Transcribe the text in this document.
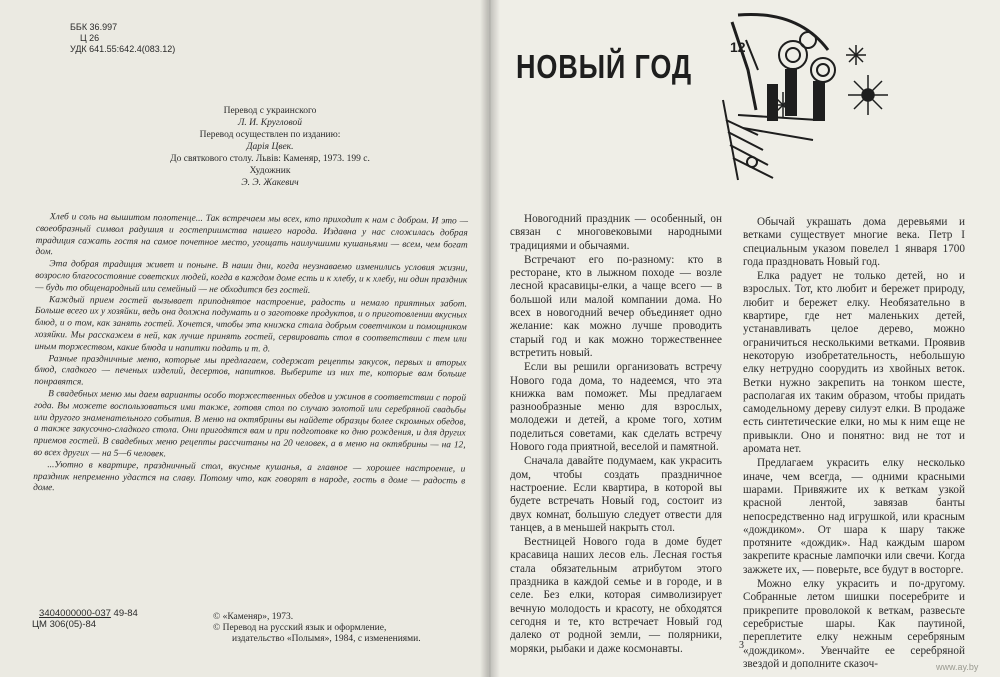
ББК 36.997
Ц 26
УДК 641.55:642.4(083.12)
Перевод с украинского
Л. И. Кругловой
Перевод осуществлен по изданию:
Дарія Цвек.
До святкового столу. Львів: Каменяр, 1973. 199 с.
Художник
Э. Э. Жакевич

Хлеб и соль на вышитом полотенце... Так встречаем мы всех, кто приходит к нам с добром. И это — своеобразный символ радушия и гостеприимства нашего народа. Издавна у нас сложилась добрая традиция сажать гостя на самое почетное место, угощать наилучшими кушаньями — всем, чем богат дом.

Эта добрая традиция живет и поныне. В наши дни, когда неузнаваемо изменились условия жизни, возросло благосостояние советских людей, когда в каждом доме есть и к хлебу, и к хлебу, ни один праздник — будь то общенародный или семейный — не обходится без гостей.

Каждый прием гостей вызывает приподнятое настроение, радость и немало приятных забот. Больше всего их у хозяйки, ведь она должна подумать и о заготовке продуктов, и о приготовлении вкусных блюд, и о том, как занять гостей. Хочется, чтобы эта книжка стала добрым советчиком и помощником хозяйки. Мы расскажем в ней, как лучше принять гостей, сервировать стол в соответствии с тем или иным торжеством, какие блюда и напитки подать и т. д.

Разные праздничные меню, которые мы предлагаем, содержат рецепты закусок, первых и вторых блюд, сладкого — печеных изделий, десертов, напитков. Выберите из них те, которые вам больше понравятся.

В свадебных меню мы даем варианты особо торжественных обедов и ужинов в соответствии с порой года. Вы можете воспользоваться ими также, готовя стол по случаю золотой или серебряной свадьбы или другого знаменательного события. В меню на октябрины вы найдете образцы более скромных обедов, а также закусочно-сладкого стола. Они пригодятся вам и при подготовке ко дню рождения, и для других приемов гостей. В свадебных меню рецепты рассчитаны на 20 человек, а в меню на октябрины — на 12, во всех других — на 5—6 человек.

...Уютно в квартире, праздничный стол, вкусные кушанья, а главное — хорошее настроение, и праздник непременно удастся на славу. Потому что, как говорят в народе, гость в доме — радость в доме.

3404000000-037 49-84
ЦМ 306(05)-84
© «Каменяр», 1973.
© Перевод на русский язык и оформление,
издательство «Полымя», 1984, с изменениями.
НОВЫЙ ГОД
12

Новогодний праздник — особенный, он связан с многовековыми народными традициями и обычаями.

Встречают его по-разному: кто в ресторане, кто в лыжном походе — возле лесной красавицы-елки, а чаще всего — в большой или малой компании дома. Но всех в новогодний вечер объединяет одно желание: как можно лучше проводить старый год и как можно торжественнее встретить новый.

Если вы решили организовать встречу Нового года дома, то надеемся, что эта книжка вам поможет. Мы предлагаем разнообразные меню для взрослых, молодежи и детей, а кроме того, хотим поделиться советами, как сделать встречу Нового года приятной, веселой и памятной.

Сначала давайте подумаем, как украсить дом, чтобы создать праздничное настроение. Если квартира, в которой вы будете встречать Новый год, состоит из двух комнат, большую следует отвести для танцев, а в меньшей накрыть стол.

Вестницей Нового года в доме будет красавица наших лесов ель. Лесная гостья стала обязательным атрибутом этого праздника в каждой семье и в городе, и в селе. Без елки, которая символизирует вечную молодость и красоту, не обходятся сегодня и те, кто встречает Новый год далеко от родной земли, — полярники, моряки, рыбаки и даже космонавты.

Обычай украшать дома деревьями и ветками существует многие века. Петр I специальным указом повелел 1 января 1700 года праздновать Новый год.

Елка радует не только детей, но и взрослых. Тот, кто любит и бережет природу, любит и бережет елку. Необязательно в квартире, где нет маленьких детей, устанавливать целое дерево, можно ограничиться несколькими ветками. Проявив некоторую изобретательность, небольшую елку нетрудно соорудить из хвойных веток. Ветки нужно закрепить на тонком шесте, располагая их таким образом, чтобы придать самодельному дереву силуэт елки. В продаже есть синтетические елки, но мы к ним еще не привыкли. Оно и понятно: вид не тот и аромата нет.

Предлагаем украсить елку несколько иначе, чем всегда, — одними красными шарами. Привяжите их к веткам узкой красной лентой, завязав банты непосредственно над игрушкой, или красным «дождиком». От шара к шару также протяните «дождик». Над каждым шаром закрепите красные лампочки или свечи. Когда зажжете их, — поверьте, все будут в восторге.

Можно елку украсить и по-другому. Собранные летом шишки посеребрите и прикрепите проволокой к веткам, развесьте серебристые шары. Как паутиной, переплетите елку нежным серебряным «дождиком». Увенчайте ее серебряной звездой и дополните сказоч-

3
www.ay.by
